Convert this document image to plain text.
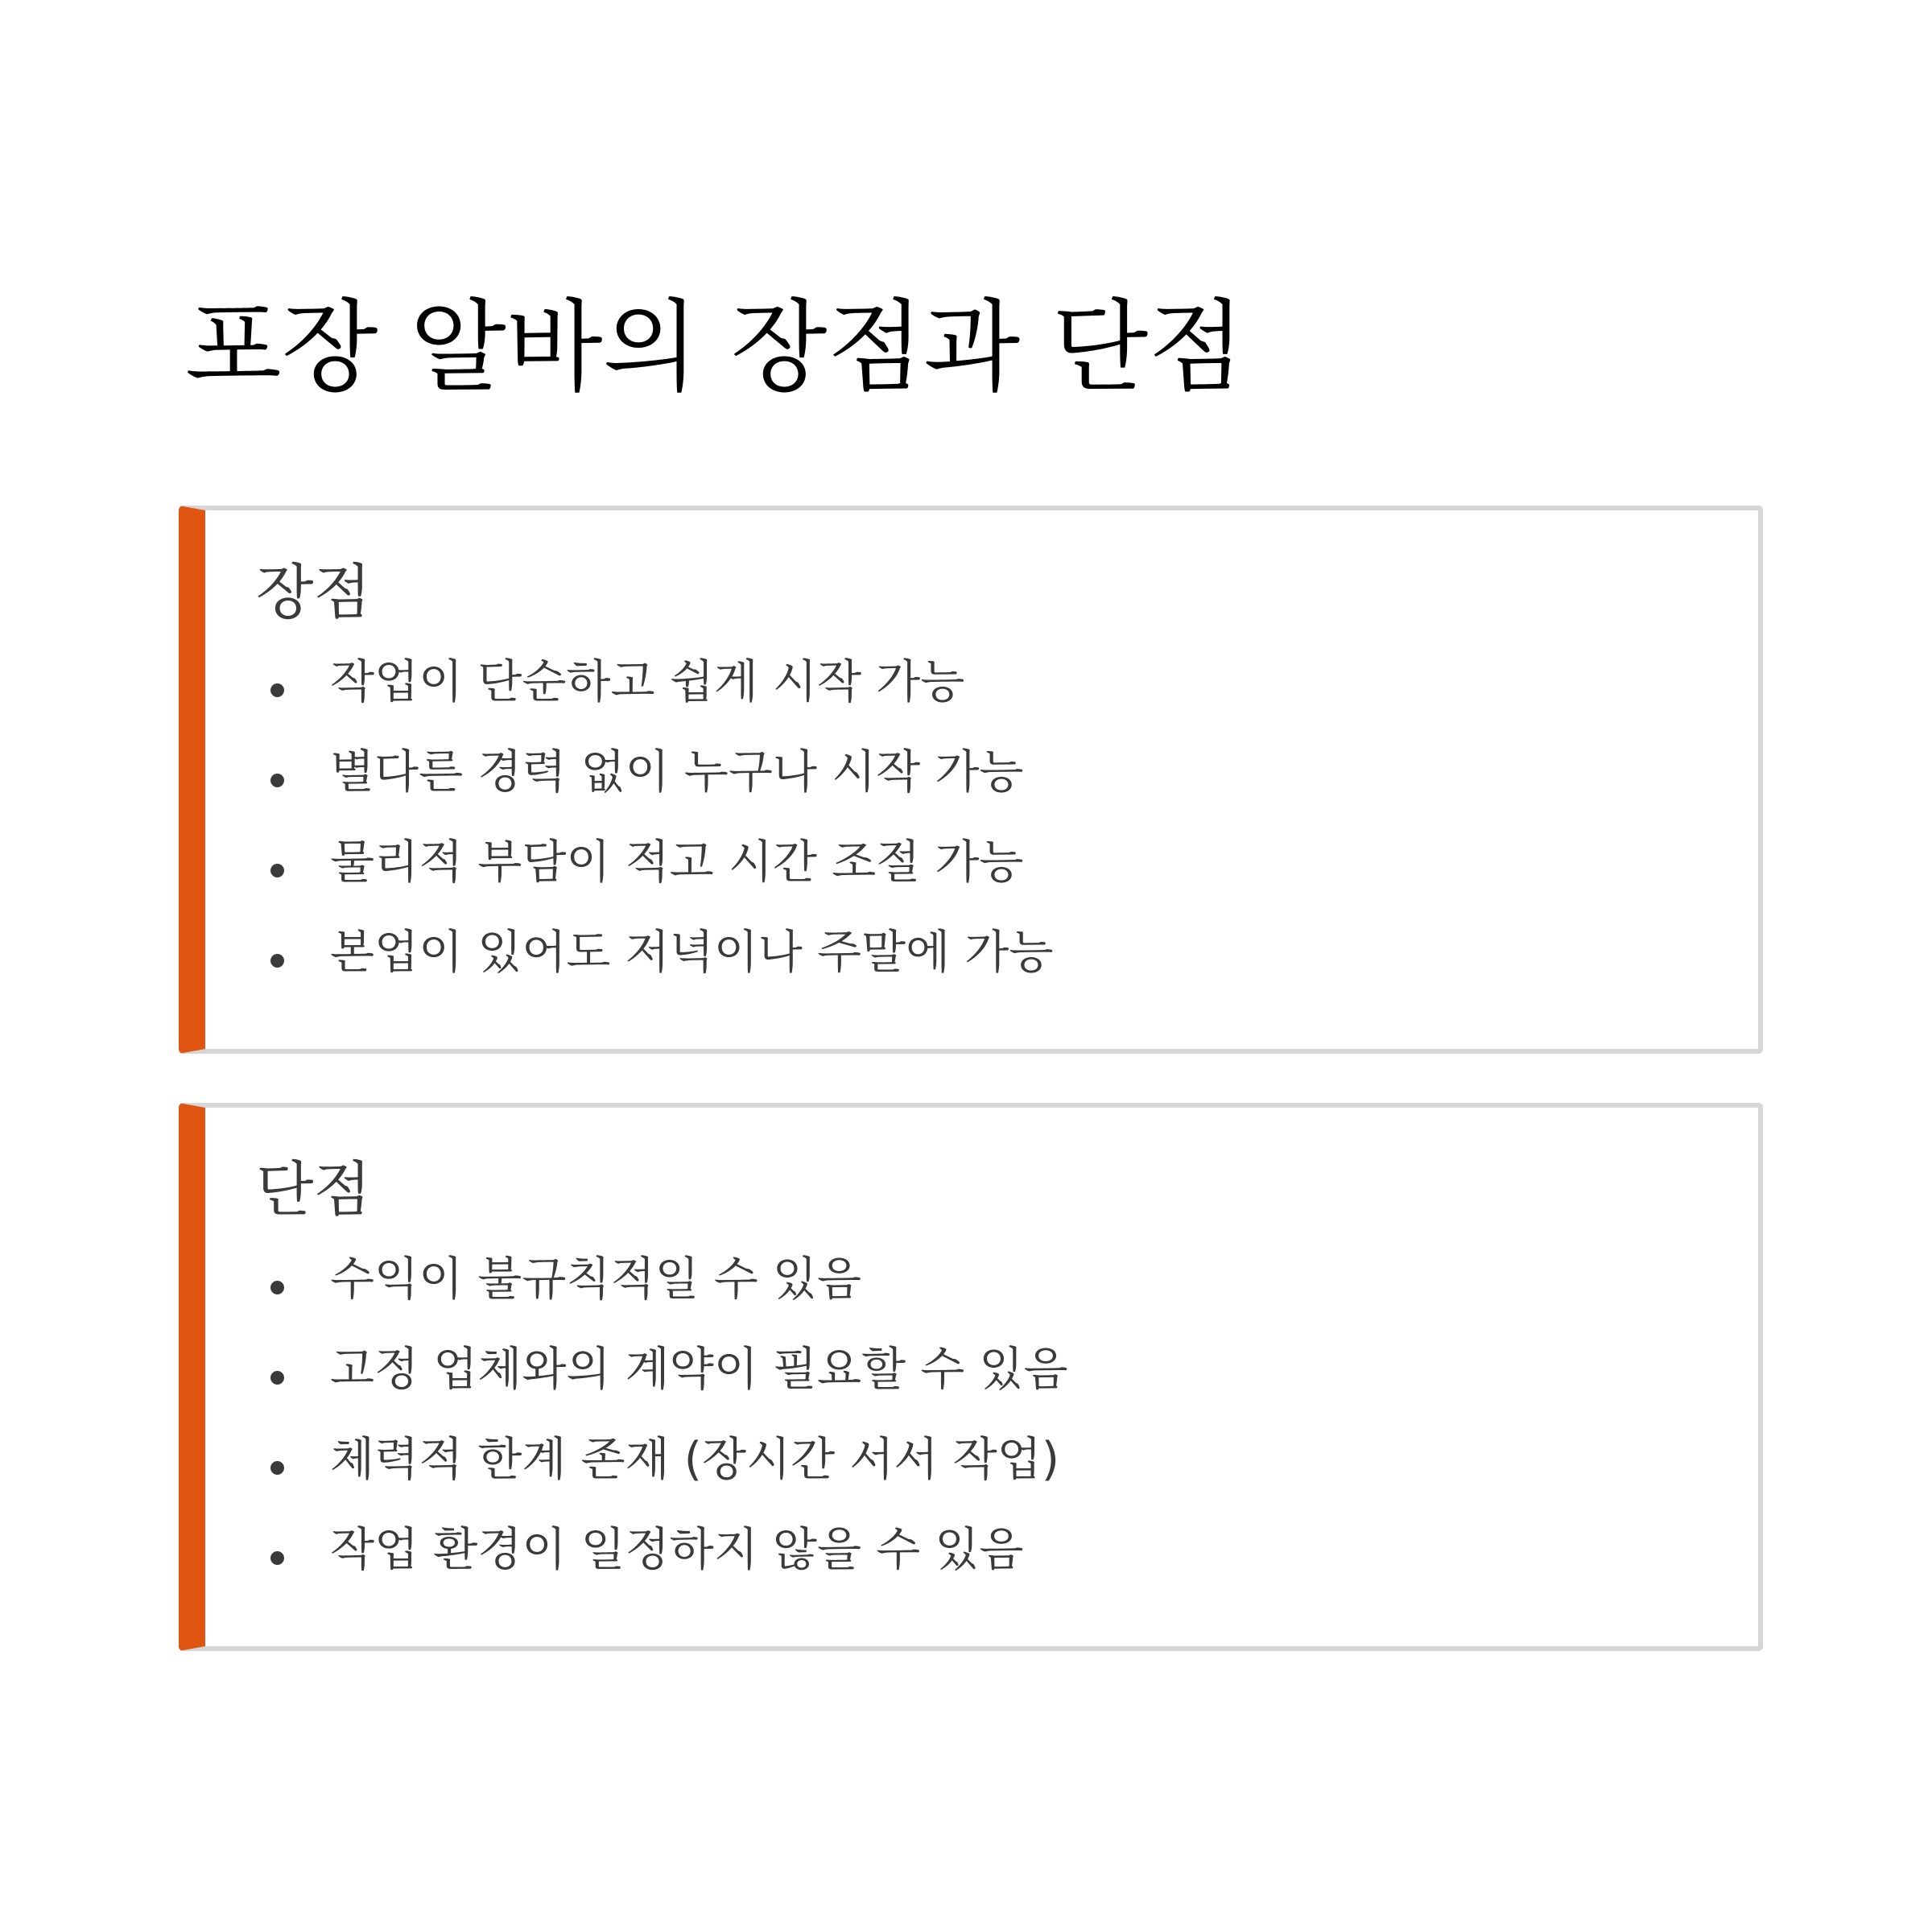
포장 알바의 장점과 단점
장점
작업이 단순하고 쉽게 시작 가능
별다른 경력 없이 누구나 시작 가능
물리적 부담이 적고 시간 조절 가능
본업이 있어도 저녁이나 주말에 가능
단점
수익이 불규칙적일 수 있음
고정 업체와의 계약이 필요할 수 있음
체력적 한계 존재 (장시간 서서 작업)
작업 환경이 일정하지 않을 수 있음
